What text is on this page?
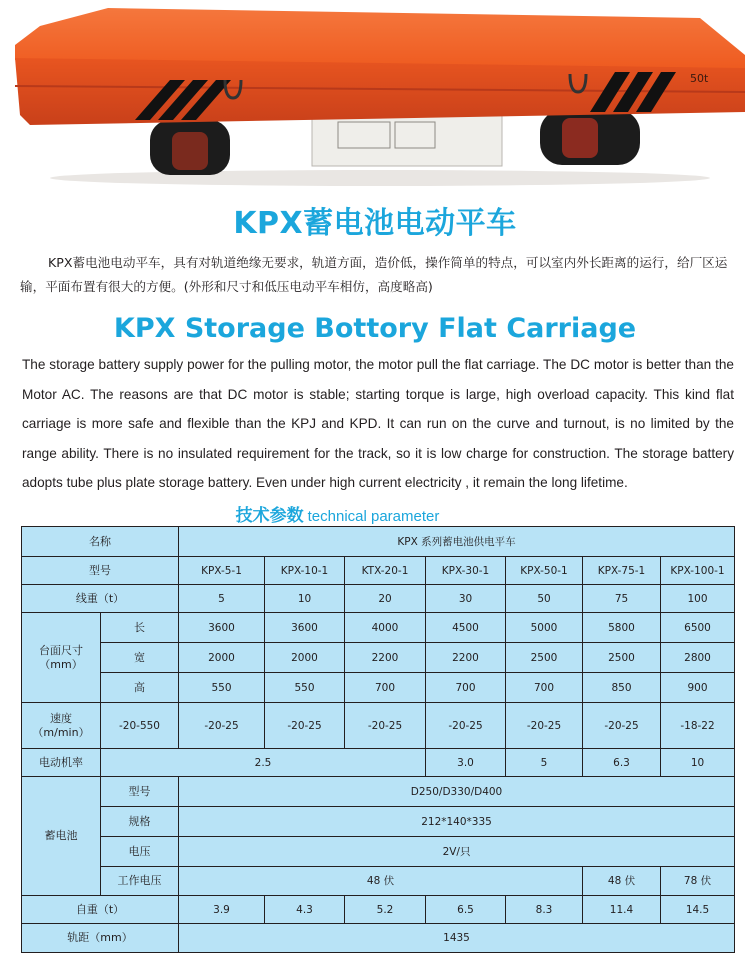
50t
KPX蓄电池电动平车
KPX蓄电池电动平车，具有对轨道绝缘无要求，轨道方面，造价低，操作简单的特点，可以室内外长距离的运行，给厂区运输，平面布置有很大的方便。(外形和尺寸和低压电动平车相仿，高度略高)
KPX Storage Bottory Flat Carriage
The storage battery supply power for the pulling motor, the motor pull the flat carriage. The DC motor is better than the Motor AC. The reasons are that DC motor is stable; starting torque is large, high overload capacity. This kind flat carriage is more safe and flexible than the KPJ and KPD. It can run on the curve and turnout, is no limited by the range ability. There is no insulated requirement for the track, so it is low charge for construction. The storage battery adopts tube plus plate storage battery. Even under high current electricity , it remain the long lifetime.
技术参数 technical parameter
名称		KPX 系列蓄电池供电平车						
型号		KPX-5-1	KPX-10-1	KTX-20-1	KPX-30-1	KPX-50-1	KPX-75-1	KPX-100-1
线重（t）		5	10	20	30	50	75	100
台面尺寸
（mm）	长	3600	3600	4000	4500	5000	5800	6500
	宽	2000	2000	2200	2200	2500	2500	2800
	高	550	550	700	700	700	850	900
速度
（m/min）	-20-550	-20-25	-20-25	-20-25	-20-25	-20-25	-20-25	-18-22
电动机率	2.5				3.0	5	6.3	10
蓄电池	型号	D250/D330/D400						
	规格	212*140*335						
	电压	2V/只						
	工作电压	48 伏					48 伏	78 伏
自重（t）		3.9	4.3	5.2	6.5	8.3	11.4	14.5
轨距（mm）		1435						
